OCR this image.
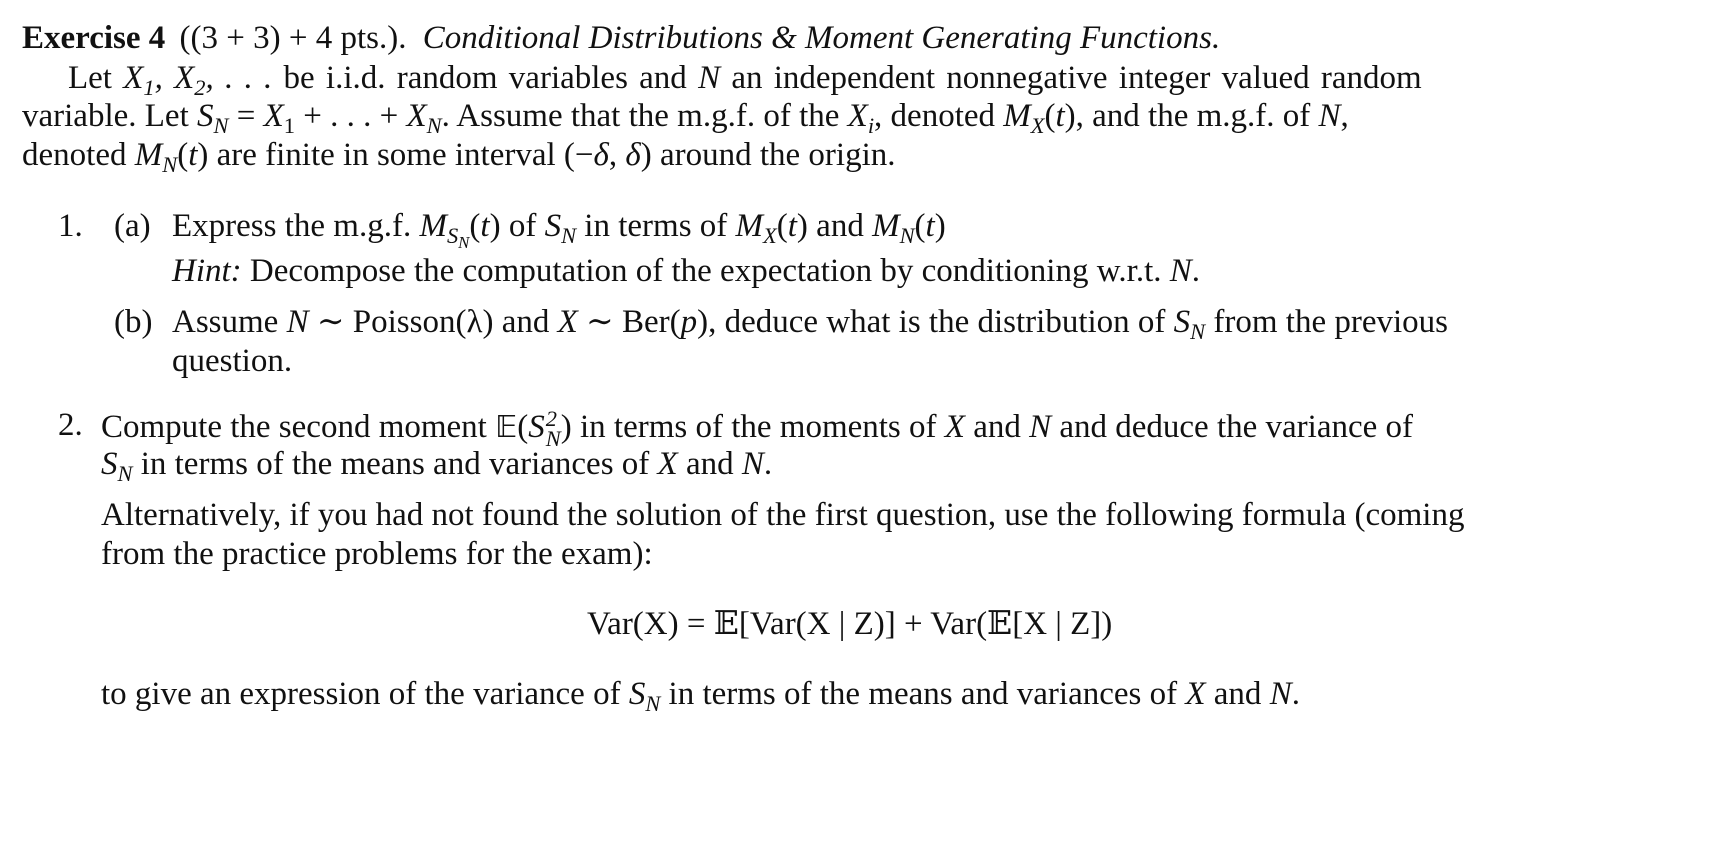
Exercise 4 ((3 + 3) + 4 pts.). Conditional Distributions & Moment Generating Functions.
Let $X_1$, $X_2$, . . . be i.i.d. random variables and N an independent nonnegative integer valued random
variable. Let $S_N = X_1$ + . . . + $X_N$. Assume that the m.g.f. of the $X_i$, denoted $M_X(t)$, and the m.g.f. of N,
denoted $M_N(t)$ are finite in some interval (−δ, δ) around the origin.
1. (a) Express the m.g.f. $M_{S_N}(t)$ of $S_N$ in terms of $M_X(t)$ and $M_N(t)$
Hint: Decompose the computation of the expectation by conditioning w.r.t. N.
(b) Assume N ∼ Poisson(λ) and X ∼ Ber(p), deduce what is the distribution of $S_N$ from the previous
question.
2. Compute the second moment 𝔼(S 2
N ) in terms of the moments of X and N and deduce the variance of
$S_N$ in terms of the means and variances of X and N.
Alternatively, if you had not found the solution of the first question, use the following formula (coming
from the practice problems for the exam):
Var(X) = 𝔼[Var(X | Z)] + Var(𝔼[X | Z])
to give an expression of the variance of $S_N$ in terms of the means and variances of X and N.
